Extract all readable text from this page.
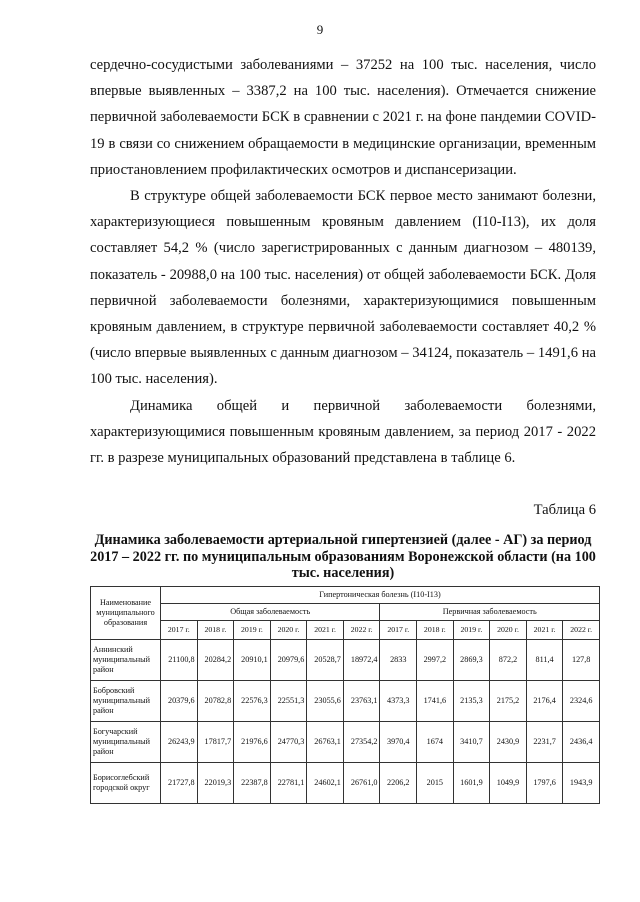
9

сердечно-сосудистыми заболеваниями – 37252 на 100 тыс. населения, число впервые выявленных – 3387,2 на 100 тыс. населения). Отмечается снижение первичной заболеваемости БСК в сравнении с 2021 г. на фоне пандемии COVID-19 в связи со снижением обращаемости в медицинские организации, временным приостановлением профилактических осмотров и диспансеризации.

В структуре общей заболеваемости БСК первое место занимают болезни, характеризующиеся повышенным кровяным давлением (I10-I13), их доля составляет 54,2 % (число зарегистрированных с данным диагнозом – 480139, показатель - 20988,0 на 100 тыс. населения) от общей заболеваемости БСК. Доля первичной заболеваемости болезнями, характеризующимися повышенным кровяным давлением, в структуре первичной заболеваемости составляет 40,2 % (число впервые выявленных с данным диагнозом – 34124, показатель – 1491,6 на 100 тыс. населения).

Динамика общей и первичной заболеваемости болезнями, характеризующимися повышенным кровяным давлением, за период 2017 - 2022 гг. в разрезе муниципальных образований представлена в таблице 6.

Таблица 6
Динамика заболеваемости артериальной гипертензией (далее - АГ) за период 2017 – 2022 гг. по муниципальным образованиям Воронежской области (на 100 тыс. населения)
Наименование муниципального образования	Гипертоническая болезнь (I10-I13)											
	Общая заболеваемость						Первичная заболеваемость					
	2017 г.	2018 г.	2019 г.	2020 г.	2021 г.	2022 г.	2017 г.	2018 г.	2019 г.	2020 г.	2021 г.	2022 г.
Аннинский муниципальный район	21100,8	20284,2	20910,1	20979,6	20528,7	18972,4	2833	2997,2	2869,3	872,2	811,4	127,8
Бобровский муниципальный район	20379,6	20782,8	22576,3	22551,3	23055,6	23763,1	4373,3	1741,6	2135,3	2175,2	2176,4	2324,6
Богучарский муниципальный район	26243,9	17817,7	21976,6	24770,3	26763,1	27354,2	3970,4	1674	3410,7	2430,9	2231,7	2436,4
Борисоглебский городской округ	21727,8	22019,3	22387,8	22781,1	24602,1	26761,0	2206,2	2015	1601,9	1049,9	1797,6	1943,9
